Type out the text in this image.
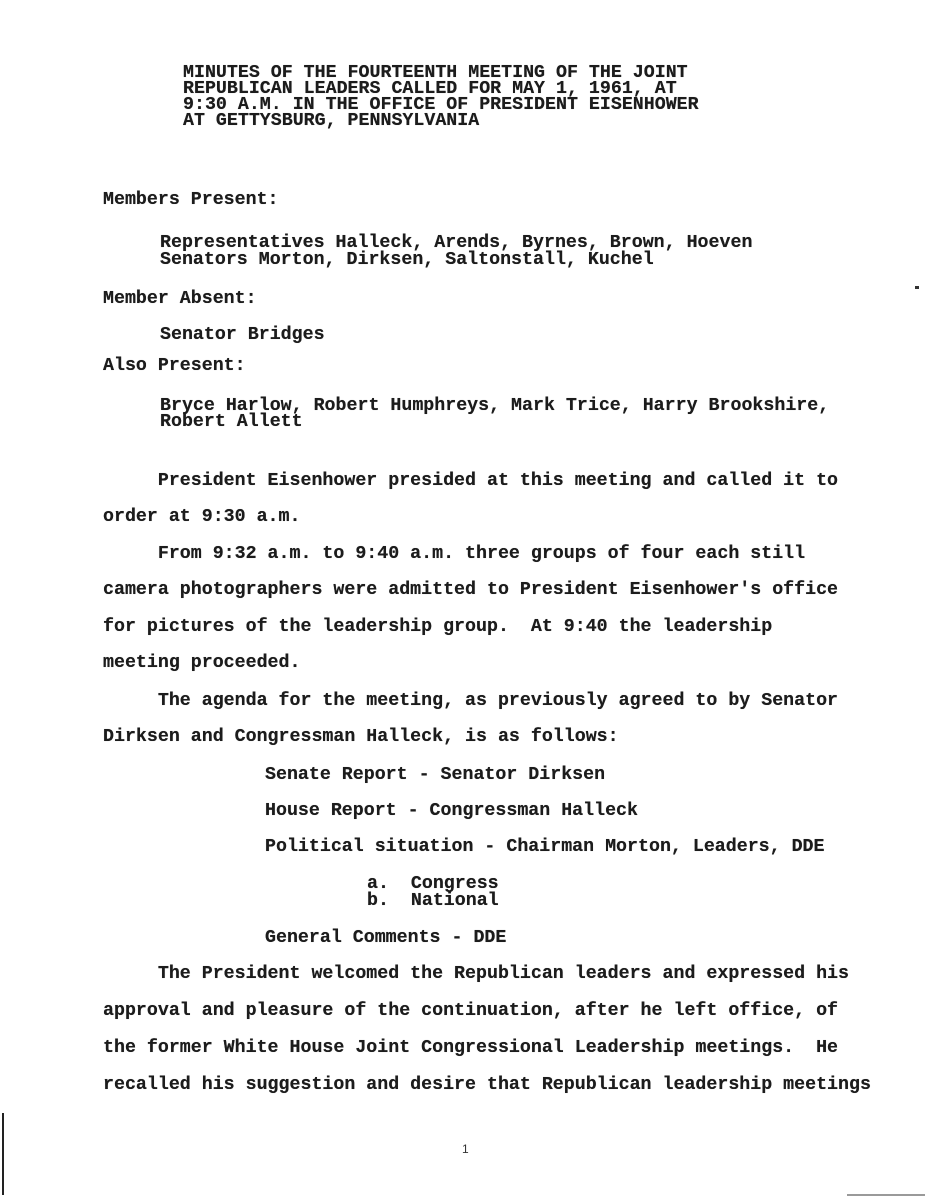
MINUTES OF THE FOURTEENTH MEETING OF THE JOINT
REPUBLICAN LEADERS CALLED FOR MAY 1, 1961, AT
9:30 A.M. IN THE OFFICE OF PRESIDENT EISENHOWER
AT GETTYSBURG, PENNSYLVANIA
Members Present:
Representatives Halleck, Arends, Byrnes, Brown, Hoeven
Senators Morton, Dirksen, Saltonstall, Kuchel
Member Absent:
Senator Bridges
Also Present:
Bryce Harlow, Robert Humphreys, Mark Trice, Harry Brookshire,
Robert Allett
President Eisenhower presided at this meeting and called it to
order at 9:30 a.m.
From 9:32 a.m. to 9:40 a.m. three groups of four each still
camera photographers were admitted to President Eisenhower's office
for pictures of the leadership group.  At 9:40 the leadership
meeting proceeded.
The agenda for the meeting, as previously agreed to by Senator
Dirksen and Congressman Halleck, is as follows:
Senate Report - Senator Dirksen
House Report - Congressman Halleck
Political situation - Chairman Morton, Leaders, DDE
a.  Congress
b.  National
General Comments - DDE
The President welcomed the Republican leaders and expressed his
approval and pleasure of the continuation, after he left office, of
the former White House Joint Congressional Leadership meetings.  He
recalled his suggestion and desire that Republican leadership meetings
1
